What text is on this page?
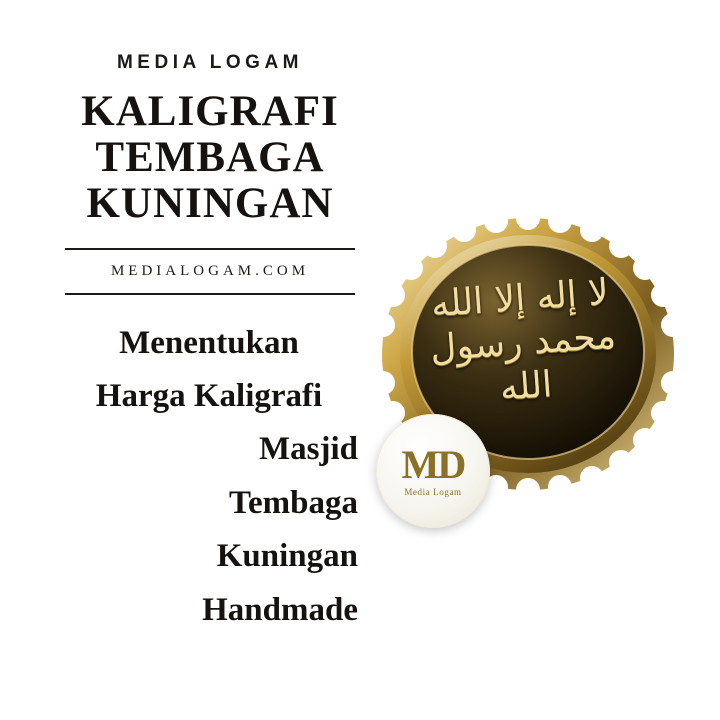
MEDIA LOGAM
KALIGRAFI
TEMBAGA
KUNINGAN
MEDIALOGAM.COM
Menentukan
Harga Kaligrafi
Masjid
Tembaga
Kuningan
Handmade
لا إله إلا الله محمد رسول الله
MD
Media Logam
